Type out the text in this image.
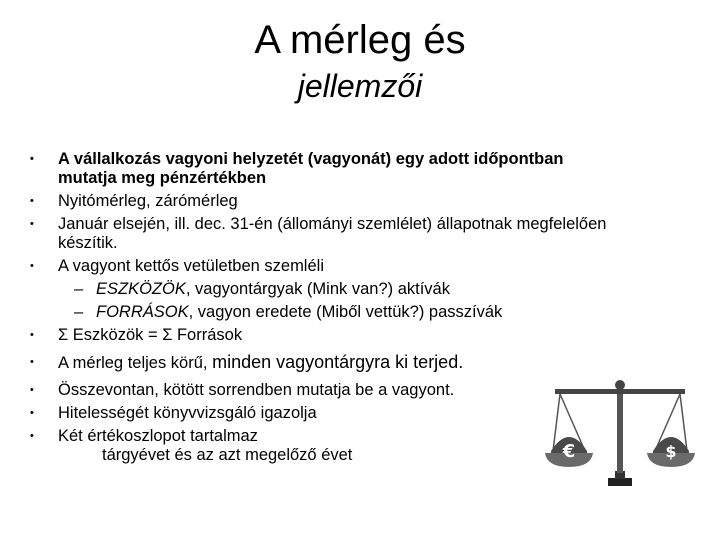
A mérleg és
jellemzői
• A vállalkozás vagyoni helyzetét (vagyonát) egy adott időpontban
mutatja meg pénzértékben
• Nyitómérleg, zárómérleg
• Január elsején, ill. dec. 31-én (állományi szemlélet) állapotnak megfelelően
készítik.
• A vagyont kettős vetületben szemléli
– ESZKÖZÖK, vagyontárgyak (Mink van?) aktívák
– FORRÁSOK, vagyon eredete (Miből vettük?) passzívák
• Σ Eszközök = Σ Források
• A mérleg teljes körű, minden vagyontárgyra ki terjed.
• Összevontan, kötött sorrendben mutatja be a vagyont.
• Hitelességét könyvvizsgáló igazolja
• Két értékoszlopot tartalmaz
tárgyévet és az azt megelőző évet	€	$
